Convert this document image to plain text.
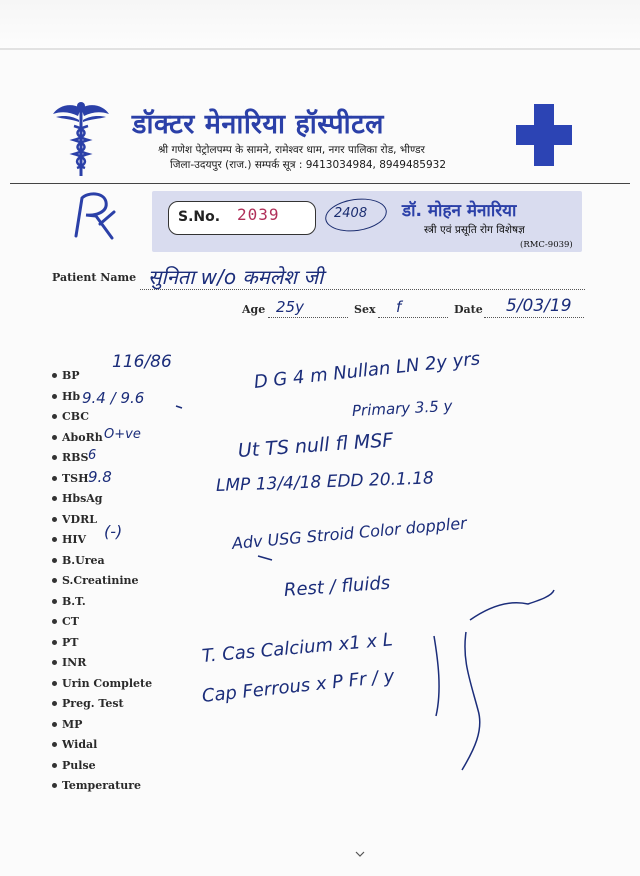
डॉक्टर मेनारिया हॉस्पीटल
श्री गणेश पेट्रोलपम्प के सामने, रामेश्वर धाम, नगर पालिका रोड, भीण्डर
जिला-उदयपुर (राज.) सम्पर्क सूत्र : 9413034984, 8949485932
S.No. 2039	2408 डॉ. मोहन मेनारिया
स्त्री एवं प्रसूति रोग विशेषज्ञ
(RMC-9039)
Patient Name सुनिता w/o कमलेश जी
Age 25y	Sex f	Date 5/03/19
BP
Hb
CBC
AboRh
RBS
TSH
HbsAg
VDRL
HIV
B.Urea
S.Creatinine
B.T.
CT
PT
INR
Urin Complete
Preg. Test
MP
Widal
Pulse
Temperature
116/86
9.4 / 9.6
O+ve
6
9.8
(-)
D G 4 m Nullan LN 2y yrs
Primary 3.5 y
Ut TS null fl MSF
LMP 13/4/18 EDD 20.1.18
Adv USG Stroid Color doppler
Rest / fluids
T. Cas Calcium x1 x L
Cap Ferrous x P Fr / y
